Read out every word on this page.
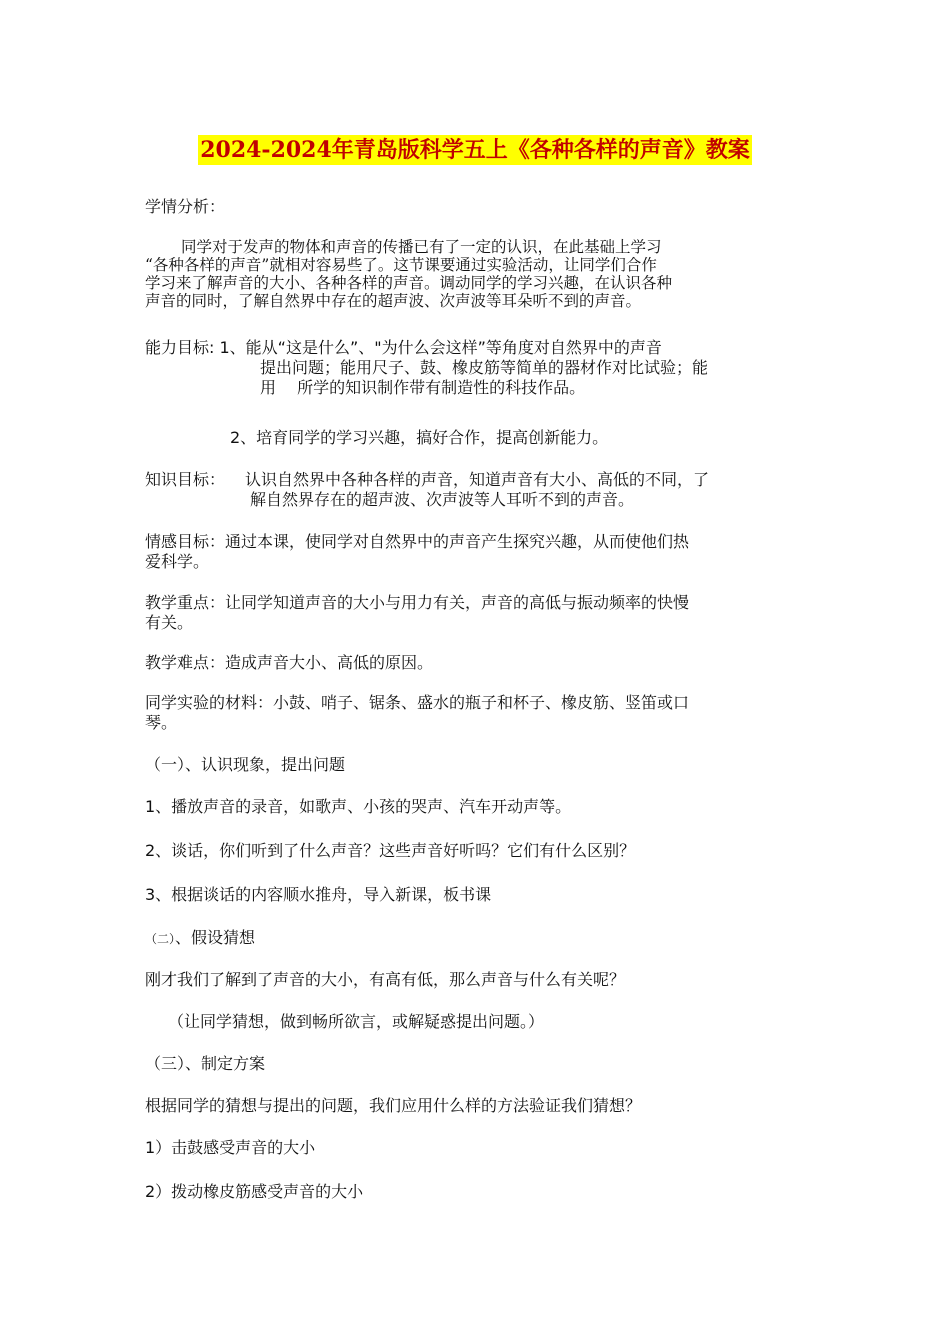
2024-2024年青岛版科学五上《各种各样的声音》教案

学情分析：

同学对于发声的物体和声音的传播已有了一定的认识，在此基础上学习
“各种各样的声音”就相对容易些了。这节课要通过实验活动，让同学们合作
学习来了解声音的大小、各种各样的声音。调动同学的学习兴趣，在认识各种
声音的同时，了解自然界中存在的超声波、次声波等耳朵听不到的声音。
能力目标: 1、能从“这是什么”、"为什么会这样”等角度对自然界中的声音
提出问题；能用尺子、鼓、橡皮筋等简单的器材作对比试验；能
用　 所学的知识制作带有制造性的科技作品。

2、培育同学的学习兴趣，搞好合作，提高创新能力。

知识目标： 认识自然界中各种各样的声音，知道声音有大小、高低的不同，了
解自然界存在的超声波、次声波等人耳听不到的声音。
情感目标：通过本课，使同学对自然界中的声音产生探究兴趣，从而使他们热
爱科学。
教学重点：让同学知道声音的大小与用力有关，声音的高低与振动频率的快慢
有关。

教学难点：造成声音大小、高低的原因。

同学实验的材料：小鼓、哨子、锯条、盛水的瓶子和杯子、橡皮筋、竖笛或口
琴。

（一）、认识现象，提出问题

1、播放声音的录音，如歌声、小孩的哭声、汽车开动声等。

2、谈话，你们听到了什么声音？这些声音好听吗？它们有什么区别？

3、根据谈话的内容顺水推舟，导入新课，板书课

（二）、假设猜想

刚才我们了解到了声音的大小，有高有低，那么声音与什么有关呢？

（让同学猜想，做到畅所欲言，或解疑惑提出问题。）

（三）、制定方案

根据同学的猜想与提出的问题，我们应用什么样的方法验证我们猜想？

1）击鼓感受声音的大小

2）拨动橡皮筋感受声音的大小
